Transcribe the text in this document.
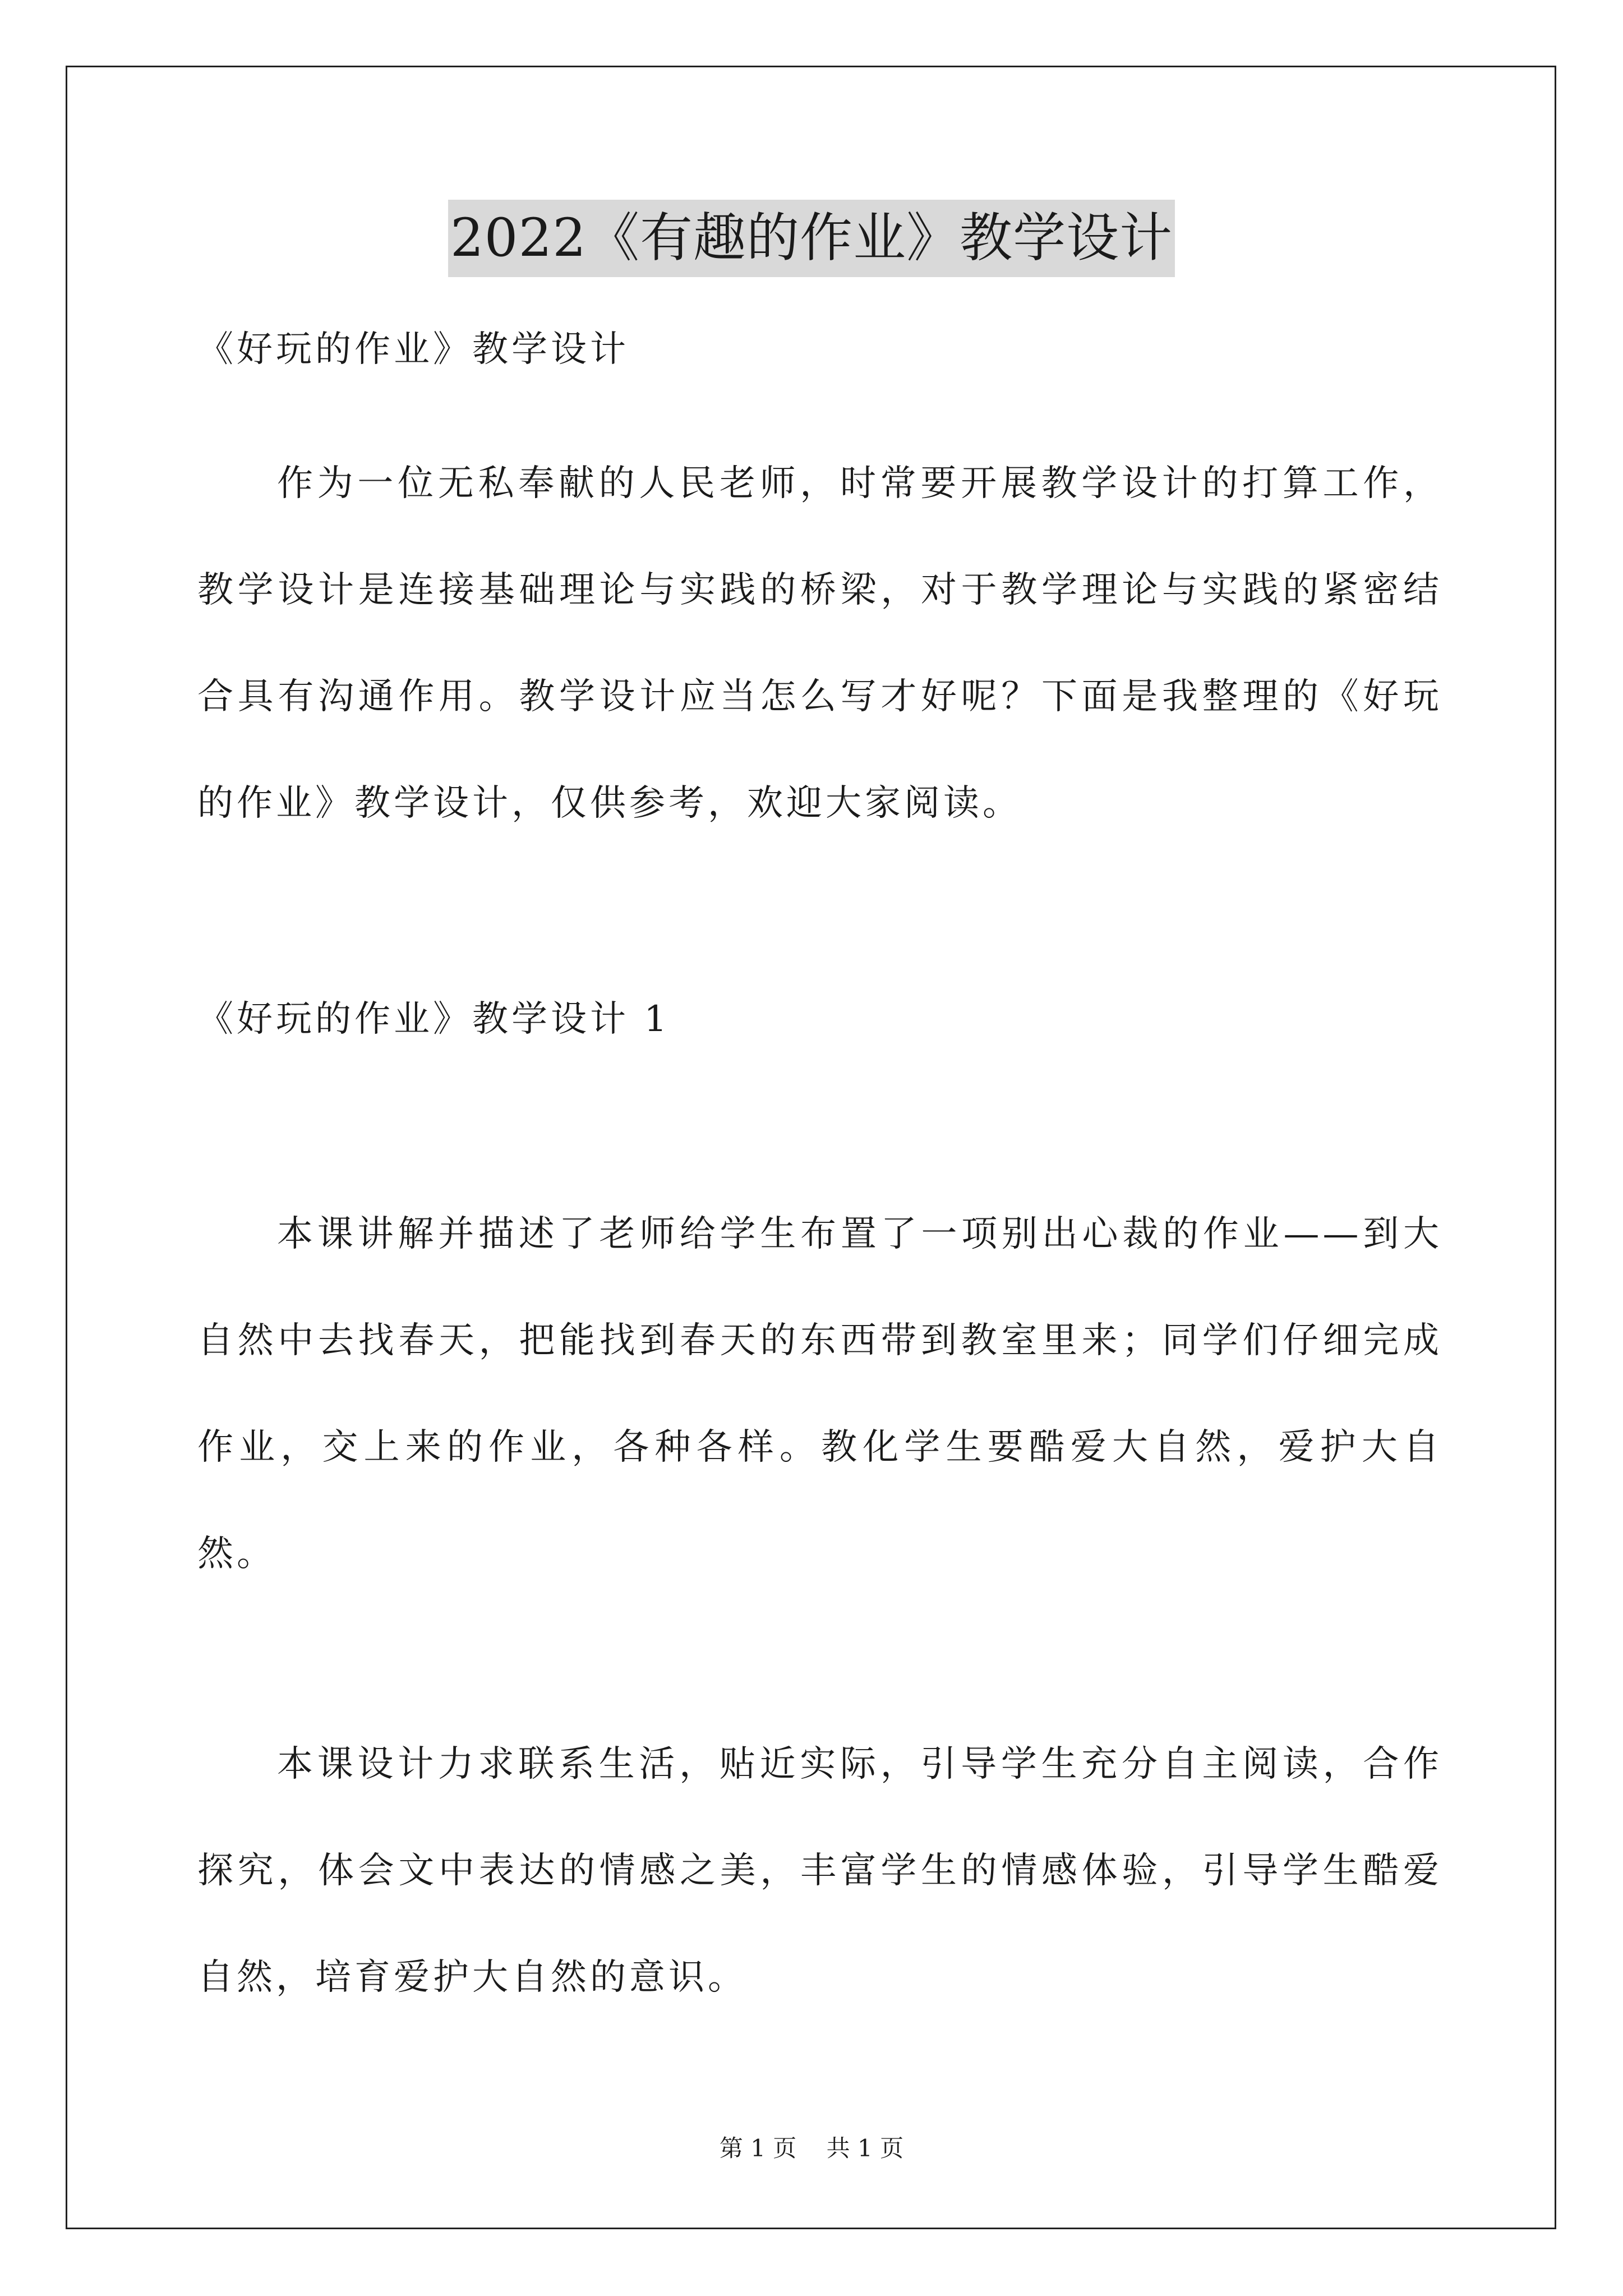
2022《有趣的作业》教学设计
《好玩的作业》教学设计
作为一位无私奉献的人民老师，时常要开展教学设计的打算工作，教学设计是连接基础理论与实践的桥梁，对于教学理论与实践的紧密结合具有沟通作用。教学设计应当怎么写才好呢？下面是我整理的《好玩的作业》教学设计，仅供参考，欢迎大家阅读。
《好玩的作业》教学设计 1
本课讲解并描述了老师给学生布置了一项别出心裁的作业——到大自然中去找春天，把能找到春天的东西带到教室里来；同学们仔细完成作业，交上来的作业，各种各样。教化学生要酷爱大自然，爱护大自然。
本课设计力求联系生活，贴近实际，引导学生充分自主阅读，合作探究，体会文中表达的情感之美，丰富学生的情感体验，引导学生酷爱自然，培育爱护大自然的意识。
第 1 页 共 1 页
